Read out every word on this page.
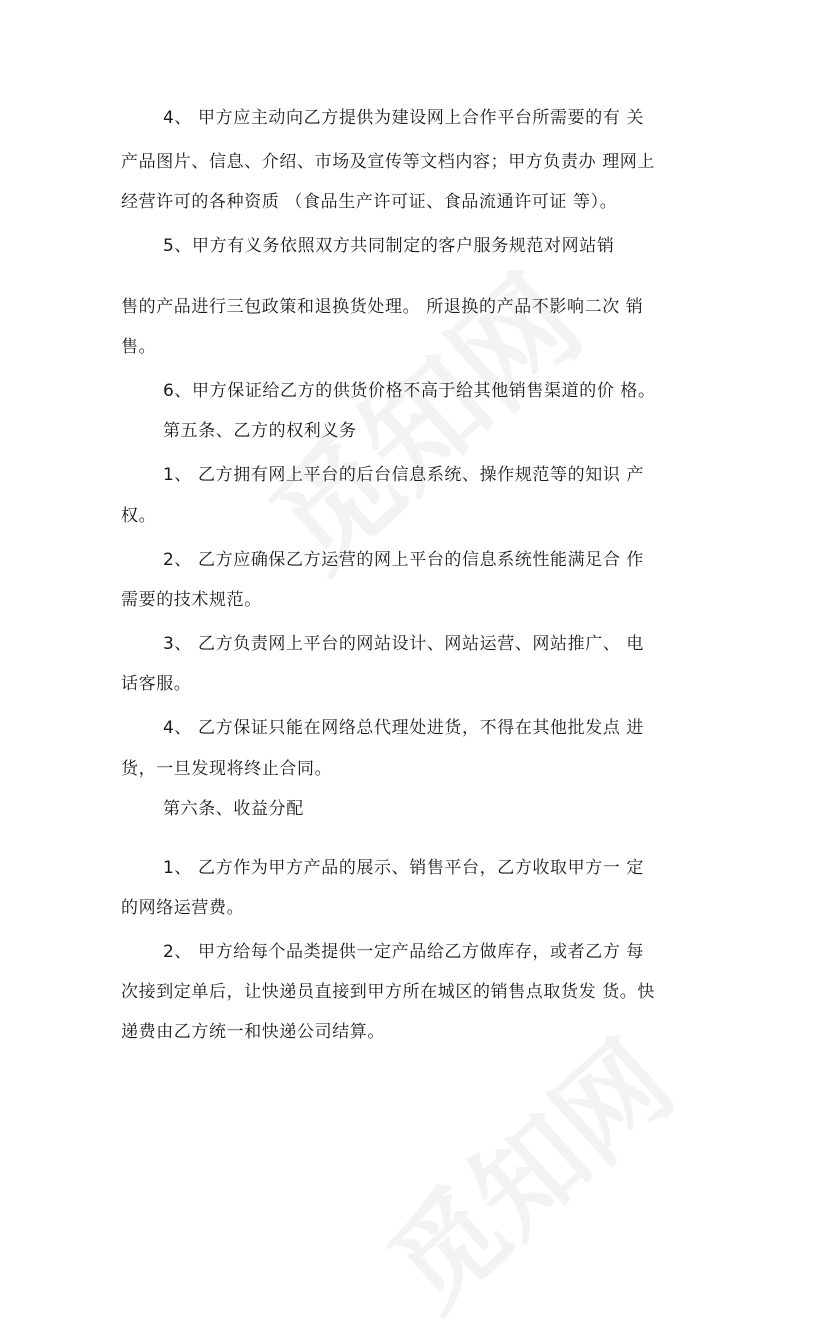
4、 甲方应主动向乙方提供为建设网上合作平台所需要的有 关
产品图片、信息、介绍、市场及宣传等文档内容；甲方负责办 理网上
经营许可的各种资质 （食品生产许可证、食品流通许可证 等）。
5、甲方有义务依照双方共同制定的客户服务规范对网站销
售的产品进行三包政策和退换货处理。 所退换的产品不影响二次 销
售。
6、甲方保证给乙方的供货价格不高于给其他销售渠道的价 格。
第五条、乙方的权利义务
1、 乙方拥有网上平台的后台信息系统、操作规范等的知识 产
权。
2、 乙方应确保乙方运营的网上平台的信息系统性能满足合 作
需要的技术规范。
3、 乙方负责网上平台的网站设计、网站运营、网站推广、 电
话客服。
4、 乙方保证只能在网络总代理处进货，不得在其他批发点 进
货，一旦发现将终止合同。
第六条、收益分配
1、 乙方作为甲方产品的展示、销售平台，乙方收取甲方一 定
的网络运营费。
2、 甲方给每个品类提供一定产品给乙方做库存，或者乙方 每
次接到定单后，让快递员直接到甲方所在城区的销售点取货发 货。快
递费由乙方统一和快递公司结算。
